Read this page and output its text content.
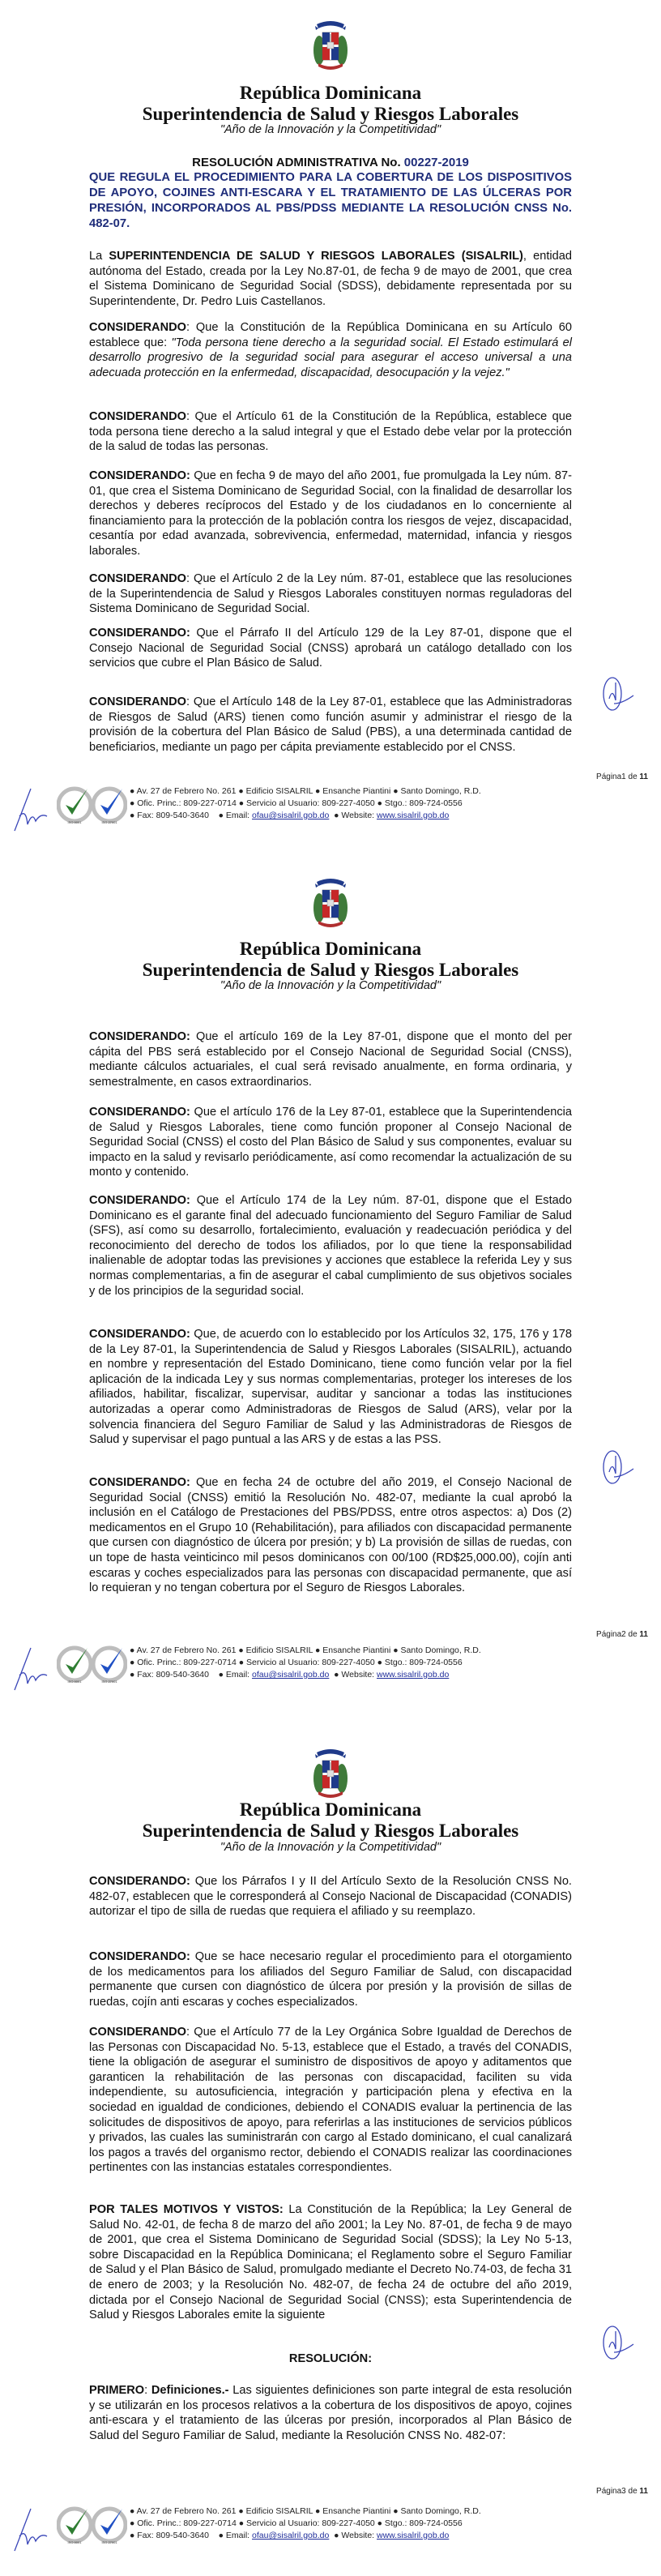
República Dominicana
Superintendencia de Salud y Riesgos Laborales
"Año de la Innovación y la Competitividad"
RESOLUCIÓN ADMINISTRATIVA No. 00227-2019
QUE REGULA EL PROCEDIMIENTO PARA LA COBERTURA DE LOS DISPOSITIVOS DE APOYO, COJINES ANTI-ESCARA Y EL TRATAMIENTO DE LAS ÚLCERAS POR PRESIÓN, INCORPORADOS AL PBS/PDSS MEDIANTE LA RESOLUCIÓN CNSS No. 482-07.
La SUPERINTENDENCIA DE SALUD Y RIESGOS LABORALES (SISALRIL), entidad autónoma del Estado, creada por la Ley No.87-01, de fecha 9 de mayo de 2001, que crea el Sistema Dominicano de Seguridad Social (SDSS), debidamente representada por su Superintendente, Dr. Pedro Luis Castellanos.
CONSIDERANDO: Que la Constitución de la República Dominicana en su Artículo 60 establece que: "Toda persona tiene derecho a la seguridad social. El Estado estimulará el desarrollo progresivo de la seguridad social para asegurar el acceso universal a una adecuada protección en la enfermedad, discapacidad, desocupación y la vejez."
CONSIDERANDO: Que el Artículo 61 de la Constitución de la República, establece que toda persona tiene derecho a la salud integral y que el Estado debe velar por la protección de la salud de todas las personas.
CONSIDERANDO: Que en fecha 9 de mayo del año 2001, fue promulgada la Ley núm. 87-01, que crea el Sistema Dominicano de Seguridad Social, con la finalidad de desarrollar los derechos y deberes recíprocos del Estado y de los ciudadanos en lo concerniente al financiamiento para la protección de la población contra los riesgos de vejez, discapacidad, cesantía por edad avanzada, sobrevivencia, enfermedad, maternidad, infancia y riesgos laborales.
CONSIDERANDO: Que el Artículo 2 de la Ley núm. 87-01, establece que las resoluciones de la Superintendencia de Salud y Riesgos Laborales constituyen normas reguladoras del Sistema Dominicano de Seguridad Social.
CONSIDERANDO: Que el Párrafo II del Artículo 129 de la Ley 87-01, dispone que el Consejo Nacional de Seguridad Social (CNSS) aprobará un catálogo detallado con los servicios que cubre el Plan Básico de Salud.
CONSIDERANDO: Que el Artículo 148 de la Ley 87-01, establece que las Administradoras de Riesgos de Salud (ARS) tienen como función asumir y administrar el riesgo de la provisión de la cobertura del Plan Básico de Salud (PBS), a una determinada cantidad de beneficiarios, mediante un pago per cápita previamente establecido por el CNSS.
Página1 de 11
● Av. 27 de Febrero No. 261 ● Edificio SISALRIL ● Ensanche Piantini ● Santo Domingo, R.D.
● Ofic. Princ.: 809-227-0714 ● Servicio al Usuario: 809-227-4050 ● Stgo.: 809-724-0556
● Fax: 809-540-3640 ● Email: ofau@sisalril.gob.do ● Website: www.sisalril.gob.do
República Dominicana
Superintendencia de Salud y Riesgos Laborales
"Año de la Innovación y la Competitividad"
CONSIDERANDO: Que el artículo 169 de la Ley 87-01, dispone que el monto del per cápita del PBS será establecido por el Consejo Nacional de Seguridad Social (CNSS), mediante cálculos actuariales, el cual será revisado anualmente, en forma ordinaria, y semestralmente, en casos extraordinarios.
CONSIDERANDO: Que el artículo 176 de la Ley 87-01, establece que la Superintendencia de Salud y Riesgos Laborales, tiene como función proponer al Consejo Nacional de Seguridad Social (CNSS) el costo del Plan Básico de Salud y sus componentes, evaluar su impacto en la salud y revisarlo periódicamente, así como recomendar la actualización de su monto y contenido.
CONSIDERANDO: Que el Artículo 174 de la Ley núm. 87-01, dispone que el Estado Dominicano es el garante final del adecuado funcionamiento del Seguro Familiar de Salud (SFS), así como su desarrollo, fortalecimiento, evaluación y readecuación periódica y del reconocimiento del derecho de todos los afiliados, por lo que tiene la responsabilidad inalienable de adoptar todas las previsiones y acciones que establece la referida Ley y sus normas complementarias, a fin de asegurar el cabal cumplimiento de sus objetivos sociales y de los principios de la seguridad social.
CONSIDERANDO: Que, de acuerdo con lo establecido por los Artículos 32, 175, 176 y 178 de la Ley 87-01, la Superintendencia de Salud y Riesgos Laborales (SISALRIL), actuando en nombre y representación del Estado Dominicano, tiene como función velar por la fiel aplicación de la indicada Ley y sus normas complementarias, proteger los intereses de los afiliados, habilitar, fiscalizar, supervisar, auditar y sancionar a todas las instituciones autorizadas a operar como Administradoras de Riesgos de Salud (ARS), velar por la solvencia financiera del Seguro Familiar de Salud y las Administradoras de Riesgos de Salud y supervisar el pago puntual a las ARS y de estas a las PSS.
CONSIDERANDO: Que en fecha 24 de octubre del año 2019, el Consejo Nacional de Seguridad Social (CNSS) emitió la Resolución No. 482-07, mediante la cual aprobó la inclusión en el Catálogo de Prestaciones del PBS/PDSS, entre otros aspectos: a) Dos (2) medicamentos en el Grupo 10 (Rehabilitación), para afiliados con discapacidad permanente que cursen con diagnóstico de úlcera por presión; y b) La provisión de sillas de ruedas, con un tope de hasta veinticinco mil pesos dominicanos con 00/100 (RD$25,000.00), cojín anti escaras y coches especializados para las personas con discapacidad permanente, que así lo requieran y no tengan cobertura por el Seguro de Riesgos Laborales.
Página2 de 11
● Av. 27 de Febrero No. 261 ● Edificio SISALRIL ● Ensanche Piantini ● Santo Domingo, R.D.
● Ofic. Princ.: 809-227-0714 ● Servicio al Usuario: 809-227-4050 ● Stgo.: 809-724-0556
● Fax: 809-540-3640 ● Email: ofau@sisalril.gob.do ● Website: www.sisalril.gob.do
República Dominicana
Superintendencia de Salud y Riesgos Laborales
"Año de la Innovación y la Competitividad"
CONSIDERANDO: Que los Párrafos I y II del Artículo Sexto de la Resolución CNSS No. 482-07, establecen que le corresponderá al Consejo Nacional de Discapacidad (CONADIS) autorizar el tipo de silla de ruedas que requiera el afiliado y su reemplazo.
CONSIDERANDO: Que se hace necesario regular el procedimiento para el otorgamiento de los medicamentos para los afiliados del Seguro Familiar de Salud, con discapacidad permanente que cursen con diagnóstico de úlcera por presión y la provisión de sillas de ruedas, cojín anti escaras y coches especializados.
CONSIDERANDO: Que el Artículo 77 de la Ley Orgánica Sobre Igualdad de Derechos de las Personas con Discapacidad No. 5-13, establece que el Estado, a través del CONADIS, tiene la obligación de asegurar el suministro de dispositivos de apoyo y aditamentos que garanticen la rehabilitación de las personas con discapacidad, faciliten su vida independiente, su autosuficiencia, integración y participación plena y efectiva en la sociedad en igualdad de condiciones, debiendo el CONADIS evaluar la pertinencia de las solicitudes de dispositivos de apoyo, para referirlas a las instituciones de servicios públicos y privados, las cuales las suministrarán con cargo al Estado dominicano, el cual canalizará los pagos a través del organismo rector, debiendo el CONADIS realizar las coordinaciones pertinentes con las instancias estatales correspondientes.
POR TALES MOTIVOS Y VISTOS: La Constitución de la República; la Ley General de Salud No. 42-01, de fecha 8 de marzo del año 2001; la Ley No. 87-01, de fecha 9 de mayo de 2001, que crea el Sistema Dominicano de Seguridad Social (SDSS); la Ley No 5-13, sobre Discapacidad en la República Dominicana; el Reglamento sobre el Seguro Familiar de Salud y el Plan Básico de Salud, promulgado mediante el Decreto No.74-03, de fecha 31 de enero de 2003; y la Resolución No. 482-07, de fecha 24 de octubre del año 2019, dictada por el Consejo Nacional de Seguridad Social (CNSS); esta Superintendencia de Salud y Riesgos Laborales emite la siguiente
RESOLUCIÓN:
PRIMERO: Definiciones.- Las siguientes definiciones son parte integral de esta resolución y se utilizarán en los procesos relativos a la cobertura de los dispositivos de apoyo, cojines anti-escara y el tratamiento de las úlceras por presión, incorporados al Plan Básico de Salud del Seguro Familiar de Salud, mediante la Resolución CNSS No. 482-07:
Página3 de 11
● Av. 27 de Febrero No. 261 ● Edificio SISALRIL ● Ensanche Piantini ● Santo Domingo, R.D.
● Ofic. Princ.: 809-227-0714 ● Servicio al Usuario: 809-227-4050 ● Stgo.: 809-724-0556
● Fax: 809-540-3640 ● Email: ofau@sisalril.gob.do ● Website: www.sisalril.gob.do
